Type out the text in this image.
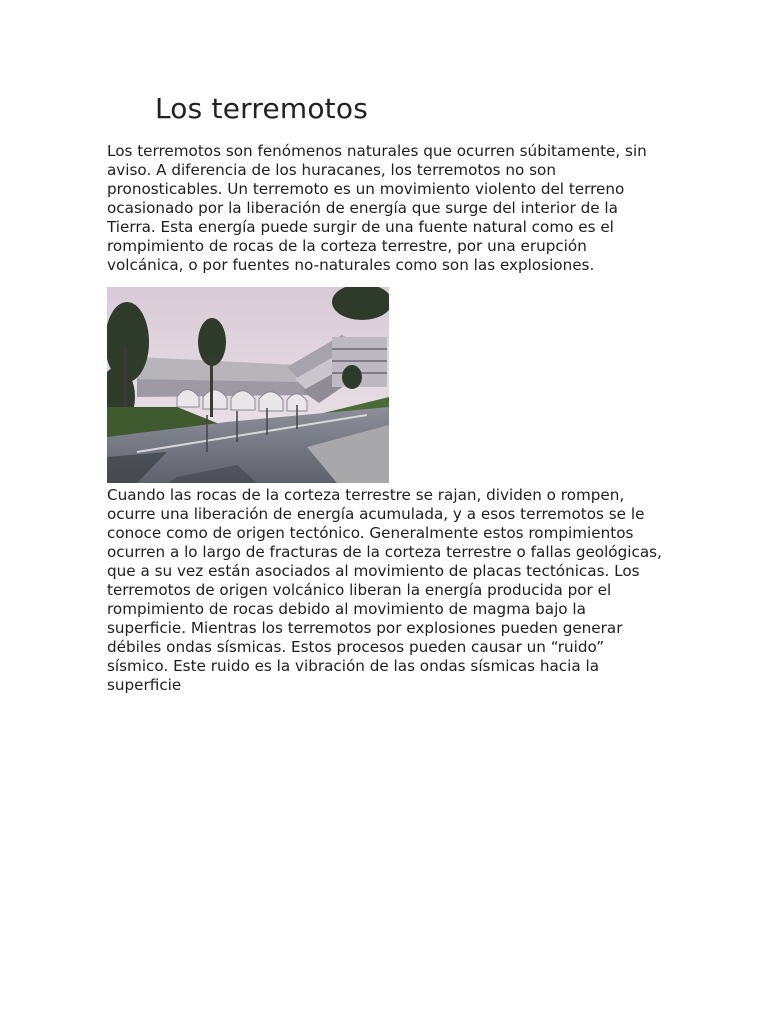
Los terremotos

Los terremotos son fenómenos naturales que ocurren súbitamente, sin aviso. A diferencia de los huracanes, los terremotos no son pronosticables. Un terremoto es un movimiento violento del terreno ocasionado por la liberación de energía que surge del interior de la Tierra. Esta energía puede surgir de una fuente natural como es el rompimiento de rocas de la corteza terrestre, por una erupción volcánica, o por fuentes no-naturales como son las explosiones.

Cuando las rocas de la corteza terrestre se rajan, dividen o rompen, ocurre una liberación de energía acumulada, y a esos terremotos se le conoce como de origen tectónico. Generalmente estos rompimientos ocurren a lo largo de fracturas de la corteza terrestre o fallas geológicas, que a su vez están asociados al movimiento de placas tectónicas. Los terremotos de origen volcánico liberan la energía producida por el rompimiento de rocas debido al movimiento de magma bajo la superficie. Mientras los terremotos por explosiones pueden generar débiles ondas sísmicas. Estos procesos pueden causar un “ruido” sísmico. Este ruido es la vibración de las ondas sísmicas hacia la superficie
